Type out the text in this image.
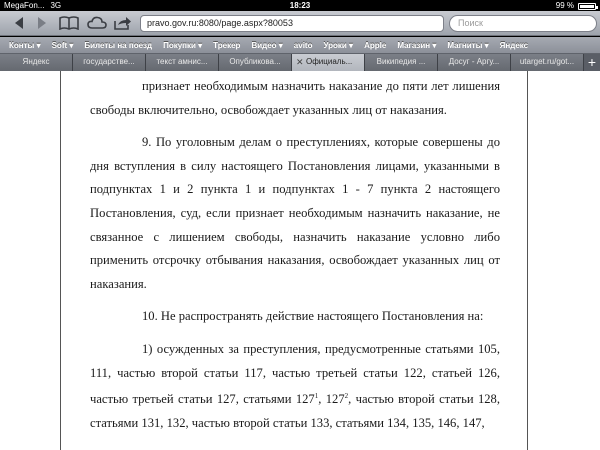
MegaFon... 3G	18:23	99 %
pravo.gov.ru:8080/page.aspx?80053	Поиск
Конты ▾ Soft ▾ Билеты на поезд Покупки ▾ Трекер Видео ▾ avito Уроки ▾ Apple Магазин ▾ Магниты ▾ Яндекс
Яндекс	государстве...	текст амнис...	Опубликова...	✕ Официаль...	Википедия ...	Досуг - Аргу...	utarget.ru/got... +

признает необходимым назначить наказание до пяти лет лишения свободы включительно, освобождает указанных лиц от наказания.

9. По уголовным делам о преступлениях, которые совершены до дня вступления в силу настоящего Постановления лицами, указанными в подпунктах 1 и 2 пункта 1 и подпунктах 1 - 7 пункта 2 настоящего Постановления, суд, если признает необходимым назначить наказание, не связанное с лишением свободы, назначить наказание условно либо применить отсрочку отбывания наказания, освобождает указанных лиц от наказания.

10. Не распространять действие настоящего Постановления на:

1) осужденных за преступления, предусмотренные статьями 105, 111, частью второй статьи 117, частью третьей статьи 122, статьей 126, частью третьей статьи 127, статьями $127^1$, $127^2$, частью второй статьи 128, статьями 131, 132, частью второй статьи 133, статьями 134, 135, 146, 147,
